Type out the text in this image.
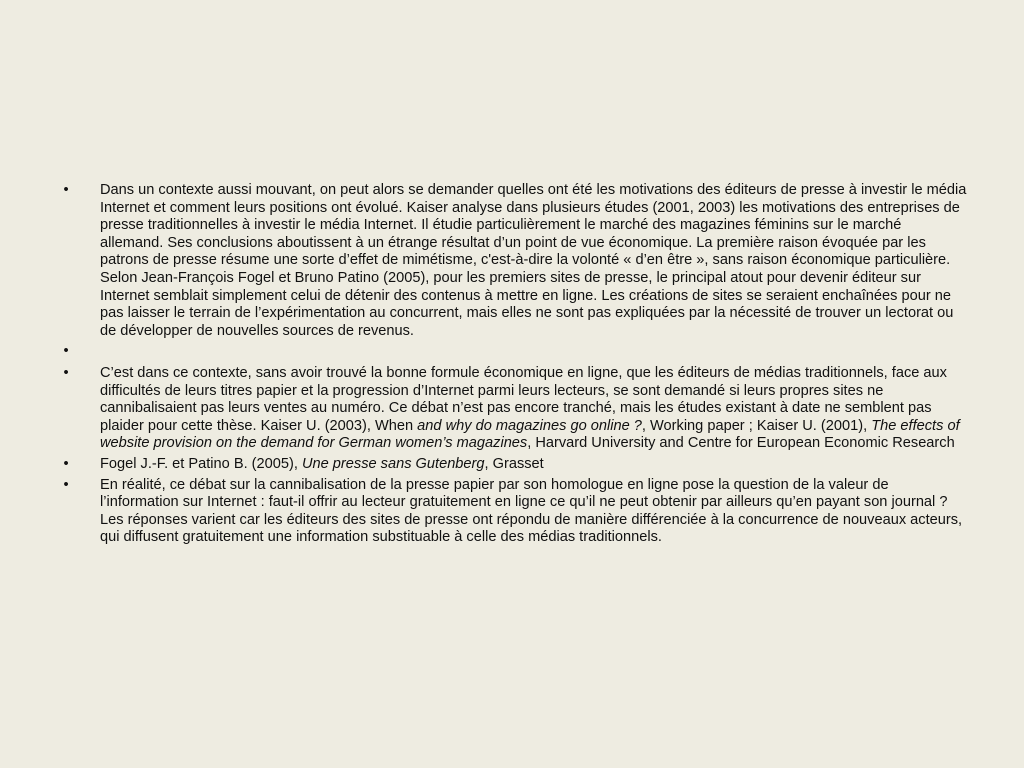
• Dans un contexte aussi mouvant, on peut alors se demander quelles ont été les motivations des éditeurs de presse à investir le média Internet et comment leurs positions ont évolué. Kaiser analyse dans plusieurs études (2001, 2003) les motivations des entreprises de presse traditionnelles à investir le média Internet. Il étudie particulièrement le marché des magazines féminins sur le marché allemand. Ses conclusions aboutissent à un étrange résultat d’un point de vue économique. La première raison évoquée par les patrons de presse résume une sorte d’effet de mimétisme, c'est-à-dire la volonté « d’en être », sans raison économique particulière. Selon Jean-François Fogel et Bruno Patino (2005), pour les premiers sites de presse, le principal atout pour devenir éditeur sur Internet semblait simplement celui de détenir des contenus à mettre en ligne. Les créations de sites se seraient enchaînées pour ne pas laisser le terrain de l’expérimentation au concurrent, mais elles ne sont pas expliquées par la nécessité de trouver un lectorat ou de développer de nouvelles sources de revenus.
•
• C’est dans ce contexte, sans avoir trouvé la bonne formule économique en ligne, que les éditeurs de médias traditionnels, face aux difficultés de leurs titres papier et la progression d’Internet parmi leurs lecteurs, se sont demandé si leurs propres sites ne cannibalisaient pas leurs ventes au numéro. Ce débat n’est pas encore tranché, mais les études existant à date ne semblent pas plaider pour cette thèse. Kaiser U. (2003), When and why do magazines go online ?, Working paper ; Kaiser U. (2001), The effects of website provision on the demand for German women’s magazines, Harvard University and Centre for European Economic Research
• Fogel J.-F. et Patino B. (2005), Une presse sans Gutenberg, Grasset
• En réalité, ce débat sur la cannibalisation de la presse papier par son homologue en ligne pose la question de la valeur de l’information sur Internet : faut-il offrir au lecteur gratuitement en ligne ce qu’il ne peut obtenir par ailleurs qu’en payant son journal ? Les réponses varient car les éditeurs des sites de presse ont répondu de manière différenciée à la concurrence de nouveaux acteurs, qui diffusent gratuitement une information substituable à celle des médias traditionnels.
